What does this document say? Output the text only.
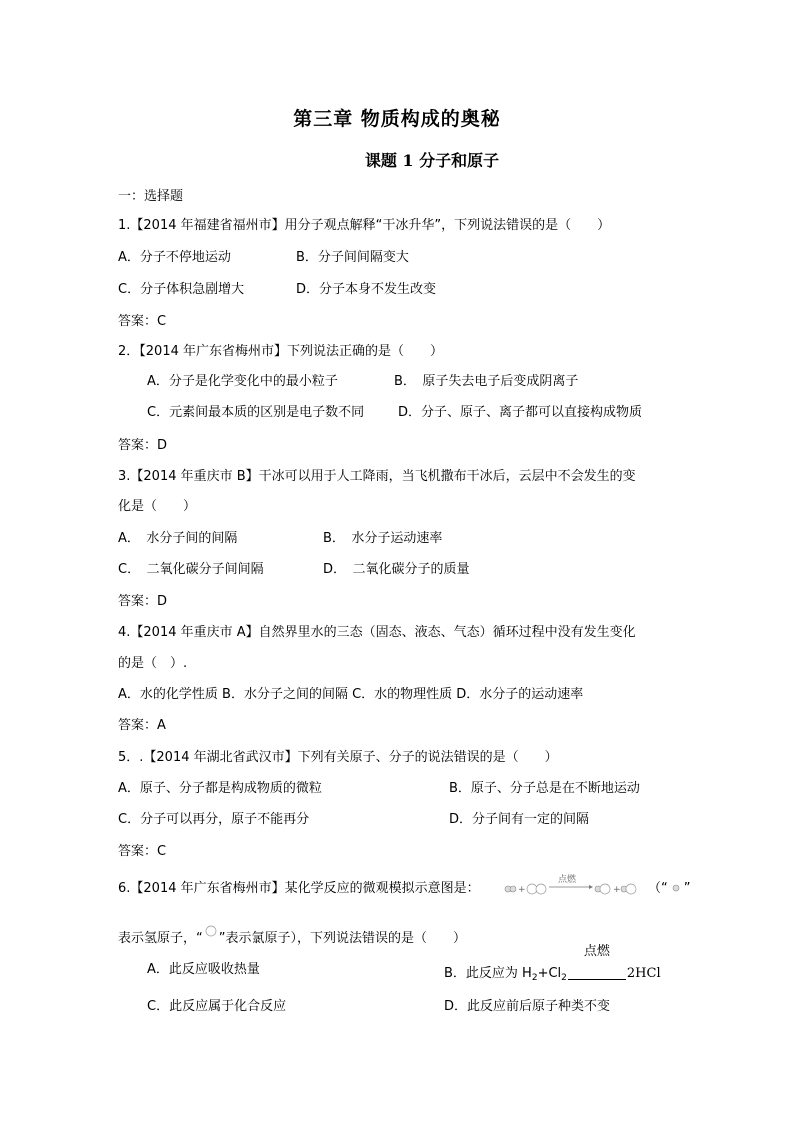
第三章 物质构成的奥秘
课题 1 分子和原子
一：选择题
1.【2014 年福建省福州市】用分子观点解释“干冰升华”，下列说法错误的是（　　）
A．分子不停地运动	B．分子间间隔变大
C．分子体积急剧增大	D．分子本身不发生改变
答案：C
2．【2014 年广东省梅州市】下列说法正确的是（　　）
A．分子是化学变化中的最小粒子	B．　原子失去电子后变成阴离子
C．元素间最本质的区别是电子数不同	D．分子、原子、离子都可以直接构成物质
答案：D
3.【2014 年重庆市 B】干冰可以用于人工降雨，当飞机撒布干冰后，云层中不会发生的变
化是（　　）
A．　水分子间的间隔	B．　水分子运动速率
C．　二氧化碳分子间间隔	D．　二氧化碳分子的质量
答案：D
4.【2014 年重庆市 A】自然界里水的三态（固态、液态、气态）循环过程中没有发生变化
的是（　）.
A．水的化学性质 B．水分子之间的间隔 C．水的物理性质 D．水分子的运动速率
答案：A
5．.【2014 年湖北省武汉市】下列有关原子、分子的说法错误的是（　　）
A．原子、分子都是构成物质的微粒	B．原子、分子总是在不断地运动
C．分子可以再分，原子不能再分	D．分子间有一定的间隔
答案：C
6.【2014 年广东省梅州市】某化学反应的微观模拟示意图是：	+
点燃
+ （“ ”
表示氢原子，“ ”表示氯原子），下列说法错误的是（　　）
A．此反应吸收热量	B．此反应为 $H_2+Cl_2$
点燃
2HCl
C．此反应属于化合反应	D．此反应前后原子种类不变
